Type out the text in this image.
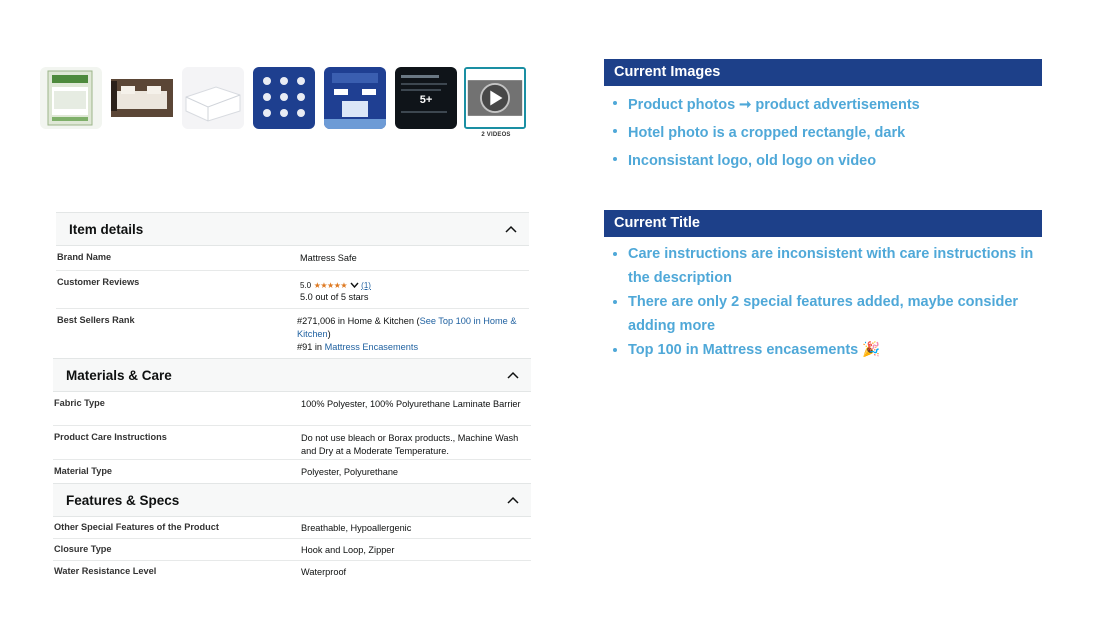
5+
2 VIDEOS
Item details
Brand Name	Mattress Safe
Customer Reviews	5.0 ★★★★★ (1)
5.0 out of 5 stars
Best Sellers Rank	#271,006 in Home & Kitchen (See Top 100 in Home & Kitchen)
#91 in Mattress Encasements
Materials & Care
Fabric Type	100% Polyester, 100% Polyurethane Laminate Barrier
Product Care Instructions	Do not use bleach or Borax products., Machine Wash and Dry at a Moderate Temperature.
Material Type	Polyester, Polyurethane
Features & Specs
Other Special Features of the Product	Breathable, Hypoallergenic
Closure Type	Hook and Loop, Zipper
Water Resistance Level	Waterproof
Current Images
Product photos ➞ product advertisements
Hotel photo is a cropped rectangle, dark
Inconsistant logo, old logo on video
Current Title
Care instructions are inconsistent with care instructions in the description
There are only 2 special features added, maybe consider adding more
Top 100 in Mattress encasements 🎉
